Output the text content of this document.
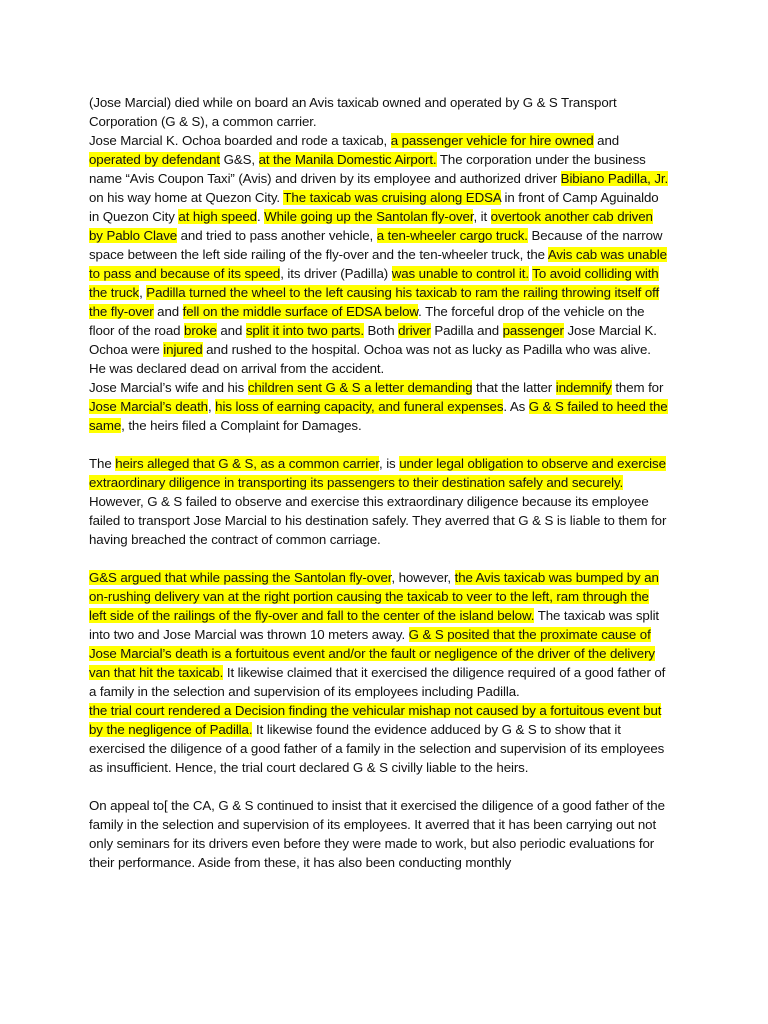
(Jose Marcial) died while on board an Avis taxicab owned and operated by G & S Transport Corporation (G & S), a common carrier.

Jose Marcial K. Ochoa boarded and rode a taxicab, a passenger vehicle for hire owned and operated by defendant G&S, at the Manila Domestic Airport. The corporation under the business name “Avis Coupon Taxi” (Avis) and driven by its employee and authorized driver Bibiano Padilla, Jr. on his way home at Quezon City. The taxicab was cruising along EDSA in front of Camp Aguinaldo in Quezon City at high speed. While going up the Santolan fly-over, it overtook another cab driven by Pablo Clave and tried to pass another vehicle, a ten-wheeler cargo truck. Because of the narrow space between the left side railing of the fly-over and the ten-wheeler truck, the Avis cab was unable to pass and because of its speed, its driver (Padilla) was unable to control it. To avoid colliding with the truck, Padilla turned the wheel to the left causing his taxicab to ram the railing throwing itself off the fly-over and fell on the middle surface of EDSA below. The forceful drop of the vehicle on the floor of the road broke and split it into two parts. Both driver Padilla and passenger Jose Marcial K. Ochoa were injured and rushed to the hospital. Ochoa was not as lucky as Padilla who was alive. He was declared dead on arrival from the accident.

Jose Marcial’s wife and his children sent G & S a letter demanding that the latter indemnify them for Jose Marcial’s death, his loss of earning capacity, and funeral expenses. As G & S failed to heed the same, the heirs filed a Complaint for Damages.

The heirs alleged that G & S, as a common carrier, is under legal obligation to observe and exercise extraordinary diligence in transporting its passengers to their destination safely and securely.

However, G & S failed to observe and exercise this extraordinary diligence because its employee failed to transport Jose Marcial to his destination safely. They averred that G & S is liable to them for having breached the contract of common carriage.

G&S argued that while passing the Santolan fly-over, however, the Avis taxicab was bumped by an on-rushing delivery van at the right portion causing the taxicab to veer to the left, ram through the left side of the railings of the fly-over and fall to the center of the island below. The taxicab was split into two and Jose Marcial was thrown 10 meters away. G & S posited that the proximate cause of Jose Marcial’s death is a fortuitous event and/or the fault or negligence of the driver of the delivery van that hit the taxicab. It likewise claimed that it exercised the diligence required of a good father of a family in the selection and supervision of its employees including Padilla.

the trial court rendered a Decision finding the vehicular mishap not caused by a fortuitous event but by the negligence of Padilla. It likewise found the evidence adduced by G & S to show that it exercised the diligence of a good father of a family in the selection and supervision of its employees as insufficient. Hence, the trial court declared G & S civilly liable to the heirs.

On appeal to[ the CA, G & S continued to insist that it exercised the diligence of a good father of the family in the selection and supervision of its employees. It averred that it has been carrying out not only seminars for its drivers even before they were made to work, but also periodic evaluations for their performance. Aside from these, it has also been conducting monthly
